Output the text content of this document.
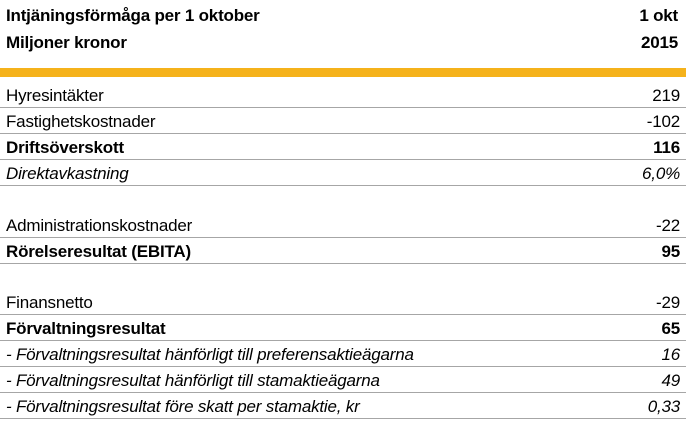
Intjäningsförmåga per 1 oktober	1 okt
Miljoner kronor	2015
Hyresintäkter	219
Fastighetskostnader	-102
Driftsöverskott	116
Direktavkastning	6,0%
Administrationskostnader	-22
Rörelseresultat (EBITA)	95
Finansnetto	-29
Förvaltningsresultat	65
- Förvaltningsresultat hänförligt till preferensaktieägarna	16
- Förvaltningsresultat hänförligt till stamaktieägarna	49
- Förvaltningsresultat före skatt per stamaktie, kr	0,33
